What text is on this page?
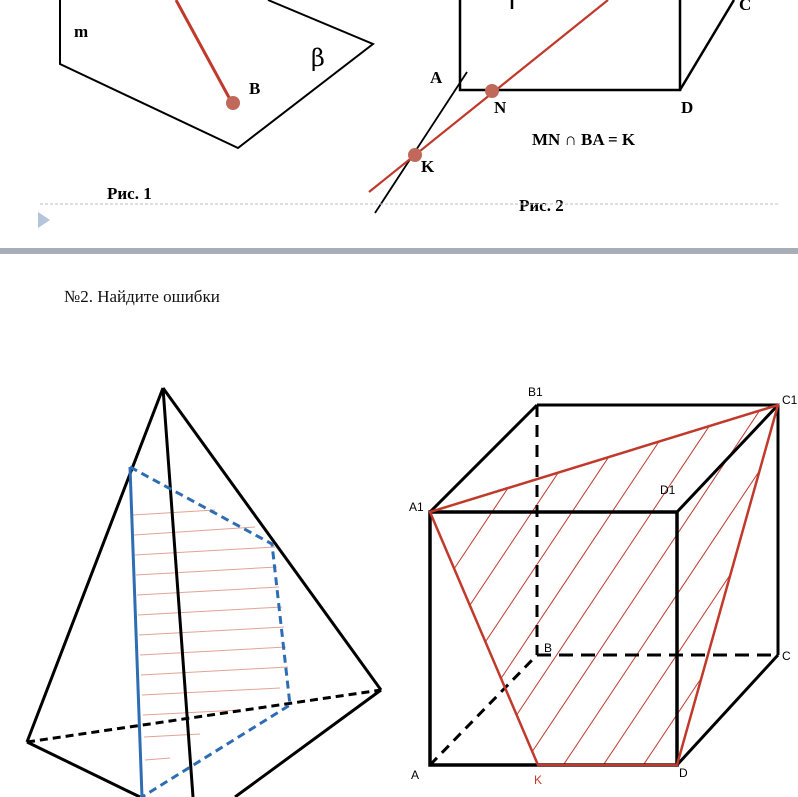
m
β
B
Рис. 1
A
N	D
K
C
MN ∩ BA = K
Рис. 2
B1
C1
A1
D1
B
C
A	K	D
№2. Найдите ошибки
